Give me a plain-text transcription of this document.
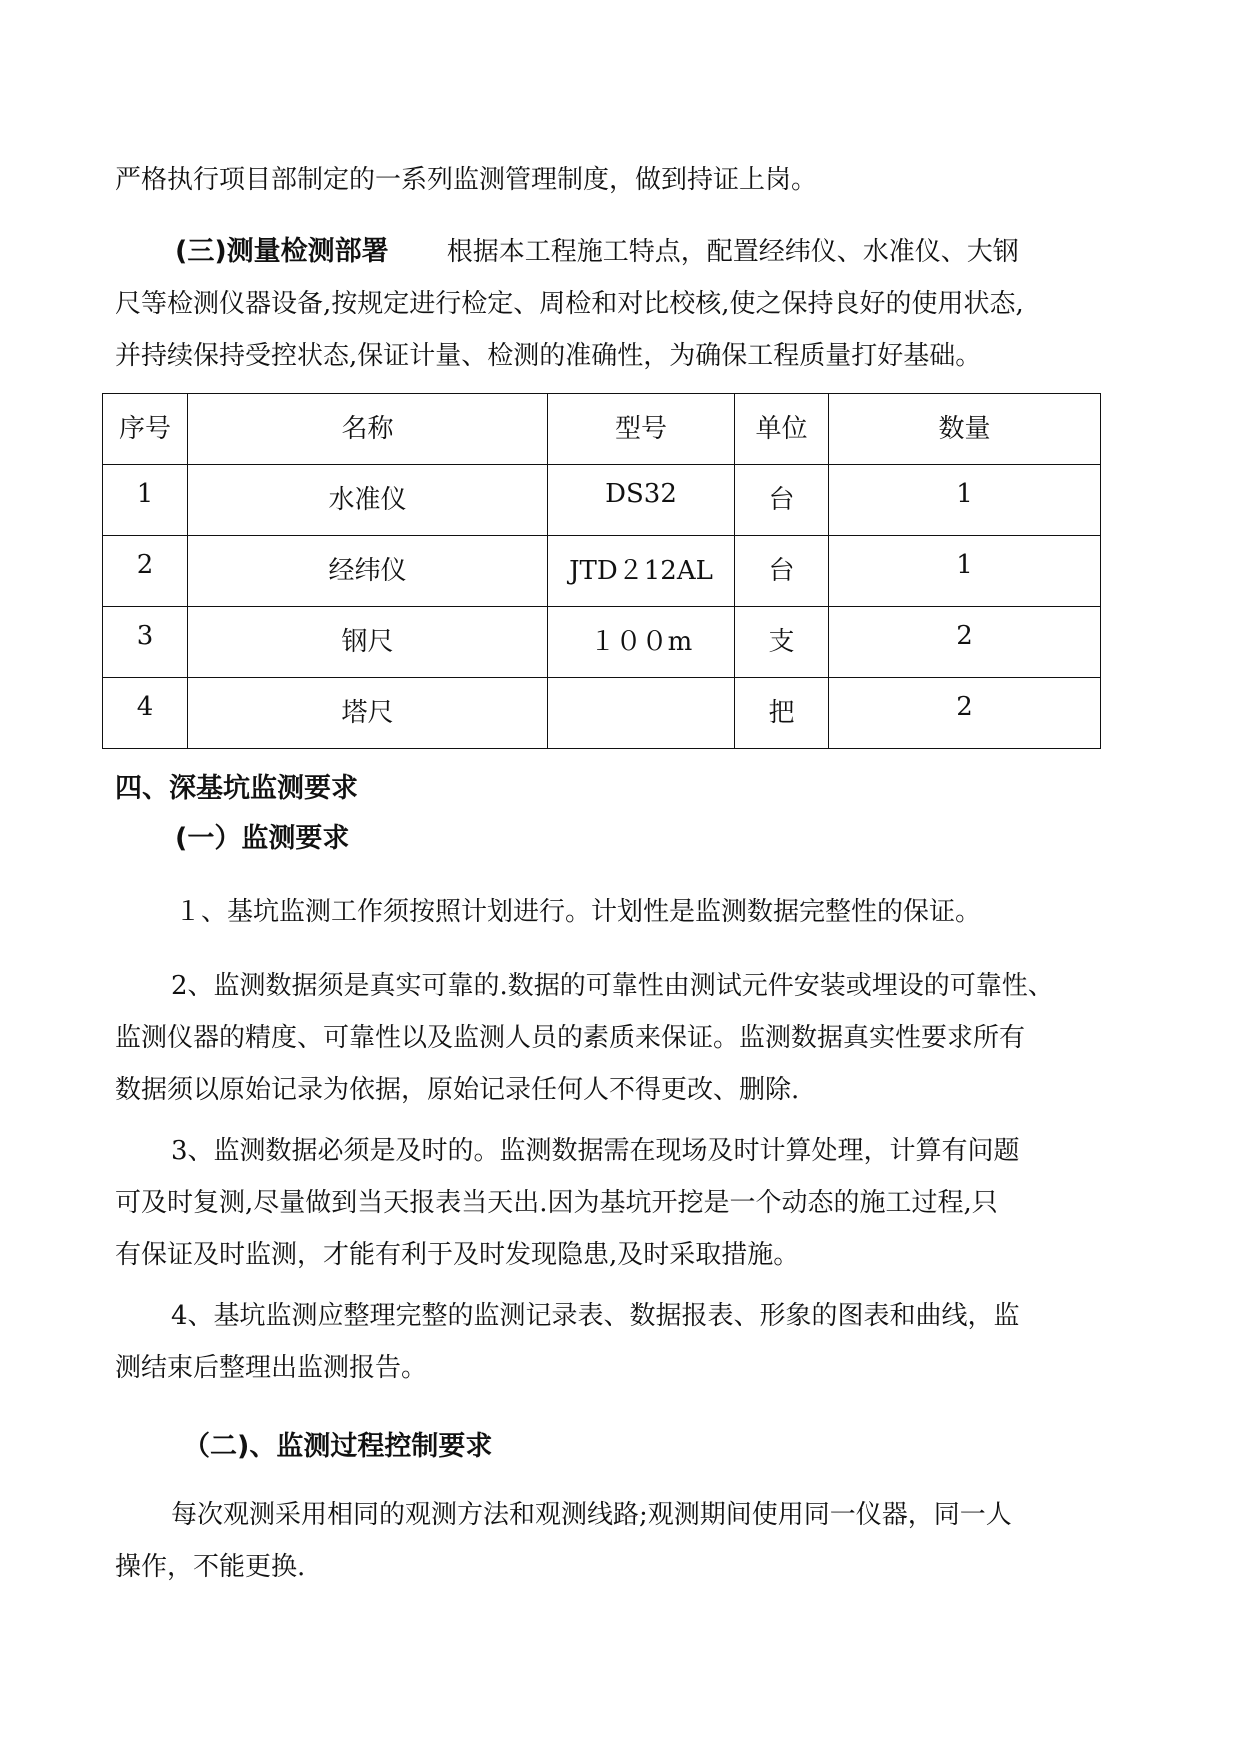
严格执行项目部制定的一系列监测管理制度，做到持证上岗。
(三)测量检测部署 根据本工程施工特点，配置经纬仪、水准仪、大钢
尺等检测仪器设备,按规定进行检定、周检和对比校核,使之保持良好的使用状态,
并持续保持受控状态,保证计量、检测的准确性，为确保工程质量打好基础。
序号	名称	型号	单位	数量

1	水准仪	DS32	台	1

2	经纬仪	JTD２12AL	台	1

3	钢尺	１００m	支	2

4	塔尺		把	2
四、深基坑监测要求
(一）监测要求
１、基坑监测工作须按照计划进行。计划性是监测数据完整性的保证。
2、监测数据须是真实可靠的.数据的可靠性由测试元件安装或埋设的可靠性、
监测仪器的精度、可靠性以及监测人员的素质来保证。监测数据真实性要求所有
数据须以原始记录为依据，原始记录任何人不得更改、删除.
3、监测数据必须是及时的。监测数据需在现场及时计算处理，计算有问题
可及时复测,尽量做到当天报表当天出.因为基坑开挖是一个动态的施工过程,只
有保证及时监测，才能有利于及时发现隐患,及时采取措施。
4、基坑监测应整理完整的监测记录表、数据报表、形象的图表和曲线，监
测结束后整理出监测报告。
（二)、监测过程控制要求
每次观测采用相同的观测方法和观测线路;观测期间使用同一仪器，同一人
操作，不能更换.
